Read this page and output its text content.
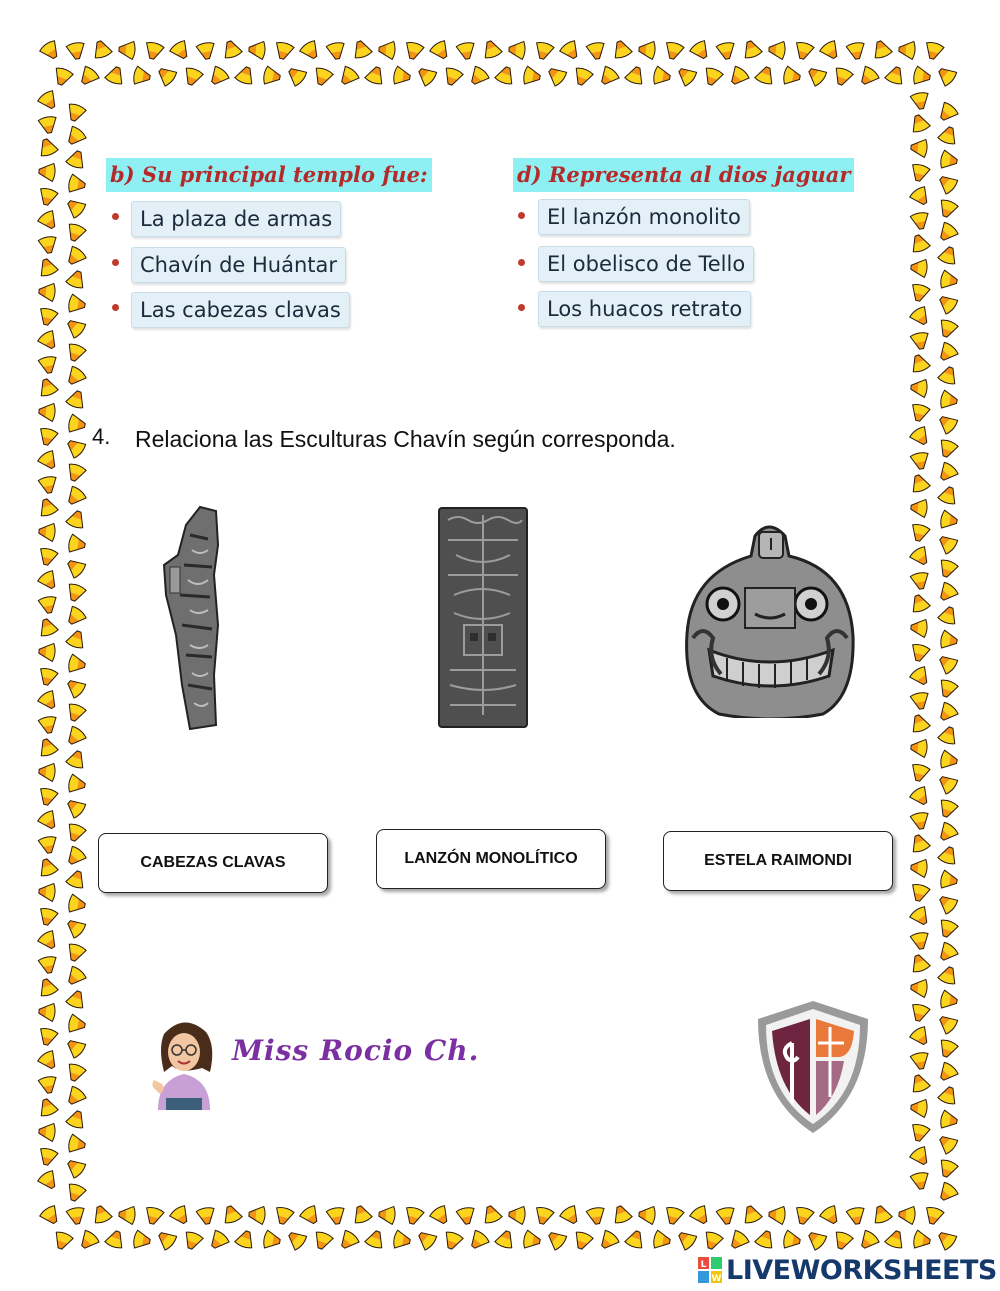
b) Su principal templo fue:
La plaza de armas
Chavín de Huántar
Las cabezas clavas
d) Representa al dios jaguar
El lanzón monolito
El obelisco de Tello
Los huacos retrato
4. Relaciona las Esculturas Chavín según corresponda.
CABEZAS CLAVAS	LANZÓN MONOLÍTICO	ESTELA RAIMONDI
Miss Rocio Ch.
L
W LIVEWORKSHEETS
